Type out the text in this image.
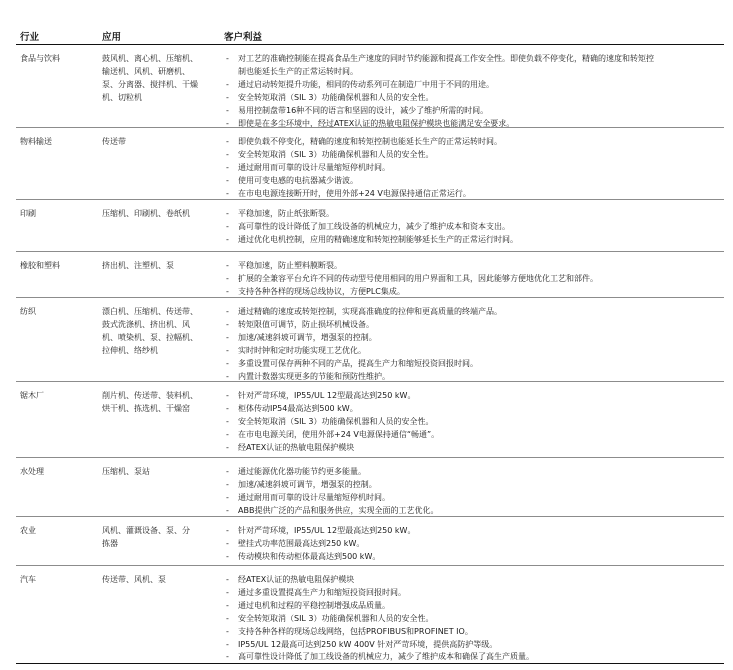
行业	应用	客户利益
食品与饮料	鼓风机、离心机、压缩机、
输送机、风机、研磨机、
泵、分离器、搅拌机、干燥
机、切粒机
- 对工艺的准确控制能在提高食品生产速度的同时节约能源和提高工作安全性。即使负载不停变化，精确的速度和转矩控
制也能延长生产的正常运转时间。
- 通过启动转矩提升功能，相同的传动系列可在制造厂中用于不同的用途。
- 安全转矩取消（SIL 3）功能确保机器和人员的安全性。
- 易用控制盘带16种不同的语言和坚固的设计，减少了维护所需的时间。
- 即使是在多尘环境中，经过ATEX认证的热敏电阻保护模块也能满足安全要求。
物料输送	传送带	- 即使负载不停变化，精确的速度和转矩控制也能延长生产的正常运转时间。
- 安全转矩取消（SIL 3）功能确保机器和人员的安全性。
- 通过耐用而可靠的设计尽量缩短停机时间。
- 使用可变电感的电抗器减少谐波。
- 在市电电源连接断开时，使用外部+24 V电源保持通信正常运行。
印刷	压缩机、印刷机、卷纸机	- 平稳加速，防止纸张断裂。
- 高可靠性的设计降低了加工线设备的机械应力，减少了维护成本和资本支出。
- 通过优化电机控制，应用的精确速度和转矩控制能够延长生产的正常运行时间。
橡胶和塑料	挤出机、注塑机、泵	- 平稳加速，防止塑料膜断裂。
- 扩展的全兼容平台允许不同的传动型号使用相同的用户界面和工具，因此能够方便地优化工艺和部件。
- 支持各种各样的现场总线协议，方便PLC集成。
纺织	漂白机、压缩机、传送带、
鼓式洗涤机、挤出机、风
机、喷染机、泵、拉幅机、
拉伸机、络纱机
- 通过精确的速度或转矩控制，实现高准确度的拉伸和更高质量的终端产品。
- 转矩限值可调节，防止损坏机械设备。
- 加速/减速斜坡可调节，增强泵的控制。
- 实时时钟和定时功能实现工艺优化。
- 多重设置可保存两种不同的产品，提高生产力和缩短投资回报时间。
- 内置计数器实现更多的节能和预防性维护。
锯木厂	削片机、传送带、装料机、
烘干机、拣选机、干燥窑
- 针对严苛环境，IP55/UL 12型最高达到250 kW。
- 柜体传动IP54最高达到500 kW。
- 安全转矩取消（SIL 3）功能确保机器和人员的安全性。
- 在市电电源关闭，使用外部+24 V电源保持通信“畅通”。
- 经ATEX认证的热敏电阻保护模块
水处理	压缩机、泵站	- 通过能源优化器功能节约更多能量。
- 加速/减速斜坡可调节，增强泵的控制。
- 通过耐用而可靠的设计尽量缩短停机时间。
- ABB提供广泛的产品和服务供应，实现全面的工艺优化。
农业	风机、灌溉设备、泵、分
拣器
- 针对严苛环境，IP55/UL 12型最高达到250 kW。
- 壁挂式功率范围最高达到250 kW。
- 传动模块和传动柜体最高达到500 kW。
汽车	传送带、风机、泵	- 经ATEX认证的热敏电阻保护模块
- 通过多重设置提高生产力和缩短投资回报时间。
- 通过电机和过程的平稳控制增强成品质量。
- 安全转矩取消（SIL 3）功能确保机器和人员的安全性。
- 支持各种各样的现场总线网络，包括PROFIBUS和PROFINET IO。
- IP55/UL 12最高可达到250 kW 400V 针对严苛环境，提供高防护等级。
- 高可靠性设计降低了加工线设备的机械应力，减少了维护成本和确保了高生产质量。
